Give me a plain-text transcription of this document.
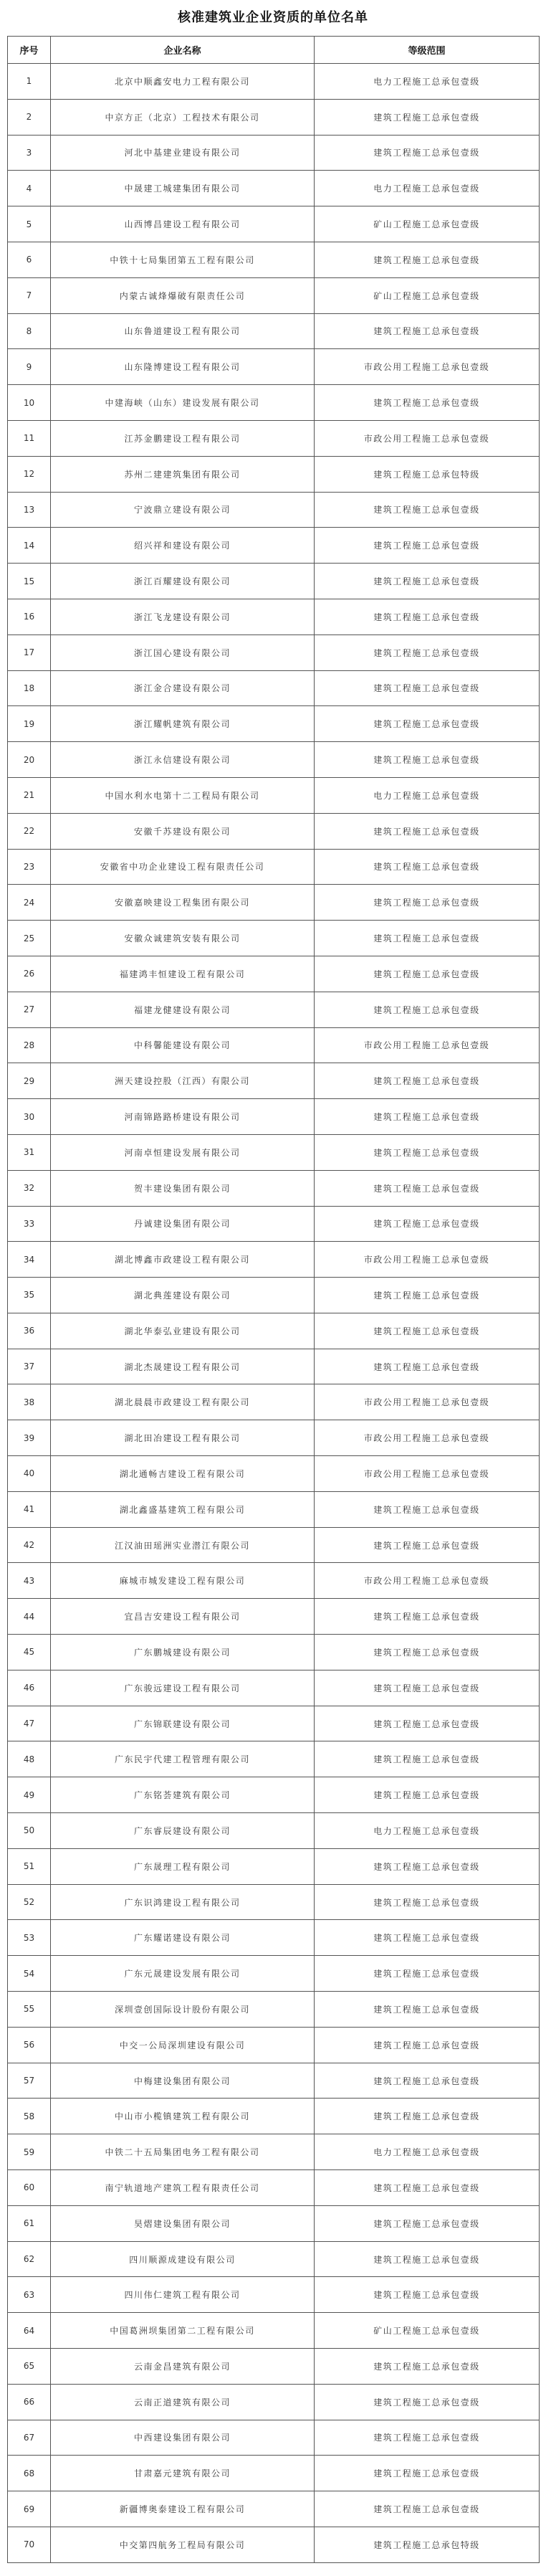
核准建筑业企业资质的单位名单
序号	企业名称	等级范围
1	北京中顺鑫安电力工程有限公司	电力工程施工总承包壹级
2	中京方正（北京）工程技术有限公司	建筑工程施工总承包壹级
3	河北中基建业建设有限公司	建筑工程施工总承包壹级
4	中晟建工城建集团有限公司	电力工程施工总承包壹级
5	山西博昌建设工程有限公司	矿山工程施工总承包壹级
6	中铁十七局集团第五工程有限公司	建筑工程施工总承包壹级
7	内蒙古诚烽爆破有限责任公司	矿山工程施工总承包壹级
8	山东鲁道建设工程有限公司	建筑工程施工总承包壹级
9	山东隆博建设工程有限公司	市政公用工程施工总承包壹级
10	中建海峡（山东）建设发展有限公司	建筑工程施工总承包壹级
11	江苏金鹏建设工程有限公司	市政公用工程施工总承包壹级
12	苏州二建建筑集团有限公司	建筑工程施工总承包特级
13	宁波鼎立建设有限公司	建筑工程施工总承包壹级
14	绍兴祥和建设有限公司	建筑工程施工总承包壹级
15	浙江百耀建设有限公司	建筑工程施工总承包壹级
16	浙江飞龙建设有限公司	建筑工程施工总承包壹级
17	浙江国心建设有限公司	建筑工程施工总承包壹级
18	浙江金合建设有限公司	建筑工程施工总承包壹级
19	浙江耀帆建筑有限公司	建筑工程施工总承包壹级
20	浙江永信建设有限公司	建筑工程施工总承包壹级
21	中国水利水电第十二工程局有限公司	电力工程施工总承包壹级
22	安徽千苏建设有限公司	建筑工程施工总承包壹级
23	安徽省中功企业建设工程有限责任公司	建筑工程施工总承包壹级
24	安徽嘉映建设工程集团有限公司	建筑工程施工总承包壹级
25	安徽众诚建筑安装有限公司	建筑工程施工总承包壹级
26	福建鸿丰恒建设工程有限公司	建筑工程施工总承包壹级
27	福建龙健建设有限公司	建筑工程施工总承包壹级
28	中科馨能建设有限公司	市政公用工程施工总承包壹级
29	洲天建设控股（江西）有限公司	建筑工程施工总承包壹级
30	河南锦路路桥建设有限公司	建筑工程施工总承包壹级
31	河南卓恒建设发展有限公司	建筑工程施工总承包壹级
32	贺丰建设集团有限公司	建筑工程施工总承包壹级
33	丹诚建设集团有限公司	建筑工程施工总承包壹级
34	湖北博鑫市政建设工程有限公司	市政公用工程施工总承包壹级
35	湖北典莲建设有限公司	建筑工程施工总承包壹级
36	湖北华泰弘业建设有限公司	建筑工程施工总承包壹级
37	湖北杰晟建设工程有限公司	建筑工程施工总承包壹级
38	湖北晨晨市政建设工程有限公司	市政公用工程施工总承包壹级
39	湖北田冶建设工程有限公司	市政公用工程施工总承包壹级
40	湖北通畅吉建设工程有限公司	市政公用工程施工总承包壹级
41	湖北鑫盛基建筑工程有限公司	建筑工程施工总承包壹级
42	江汉油田瑶洲实业潜江有限公司	建筑工程施工总承包壹级
43	麻城市城发建设工程有限公司	市政公用工程施工总承包壹级
44	宜昌吉安建设工程有限公司	建筑工程施工总承包壹级
45	广东鹏城建设有限公司	建筑工程施工总承包壹级
46	广东骏远建设工程有限公司	建筑工程施工总承包壹级
47	广东锦联建设有限公司	建筑工程施工总承包壹级
48	广东民宇代建工程管理有限公司	建筑工程施工总承包壹级
49	广东铭荟建筑有限公司	建筑工程施工总承包壹级
50	广东睿辰建设有限公司	电力工程施工总承包壹级
51	广东晟理工程有限公司	建筑工程施工总承包壹级
52	广东识鸿建设工程有限公司	建筑工程施工总承包壹级
53	广东耀诺建设有限公司	建筑工程施工总承包壹级
54	广东元晟建设发展有限公司	建筑工程施工总承包壹级
55	深圳壹创国际设计股份有限公司	建筑工程施工总承包壹级
56	中交一公局深圳建设有限公司	建筑工程施工总承包壹级
57	中梅建设集团有限公司	建筑工程施工总承包壹级
58	中山市小榄镇建筑工程有限公司	建筑工程施工总承包壹级
59	中铁二十五局集团电务工程有限公司	电力工程施工总承包壹级
60	南宁轨道地产建筑工程有限责任公司	建筑工程施工总承包壹级
61	昊熠建设集团有限公司	建筑工程施工总承包壹级
62	四川顺源成建设有限公司	建筑工程施工总承包壹级
63	四川伟仁建筑工程有限公司	建筑工程施工总承包壹级
64	中国葛洲坝集团第二工程有限公司	矿山工程施工总承包壹级
65	云南金昌建筑有限公司	建筑工程施工总承包壹级
66	云南正道建筑有限公司	建筑工程施工总承包壹级
67	中西建设集团有限公司	建筑工程施工总承包壹级
68	甘肃嘉元建筑有限公司	建筑工程施工总承包壹级
69	新疆博奥泰建设工程有限公司	建筑工程施工总承包壹级
70	中交第四航务工程局有限公司	建筑工程施工总承包特级
